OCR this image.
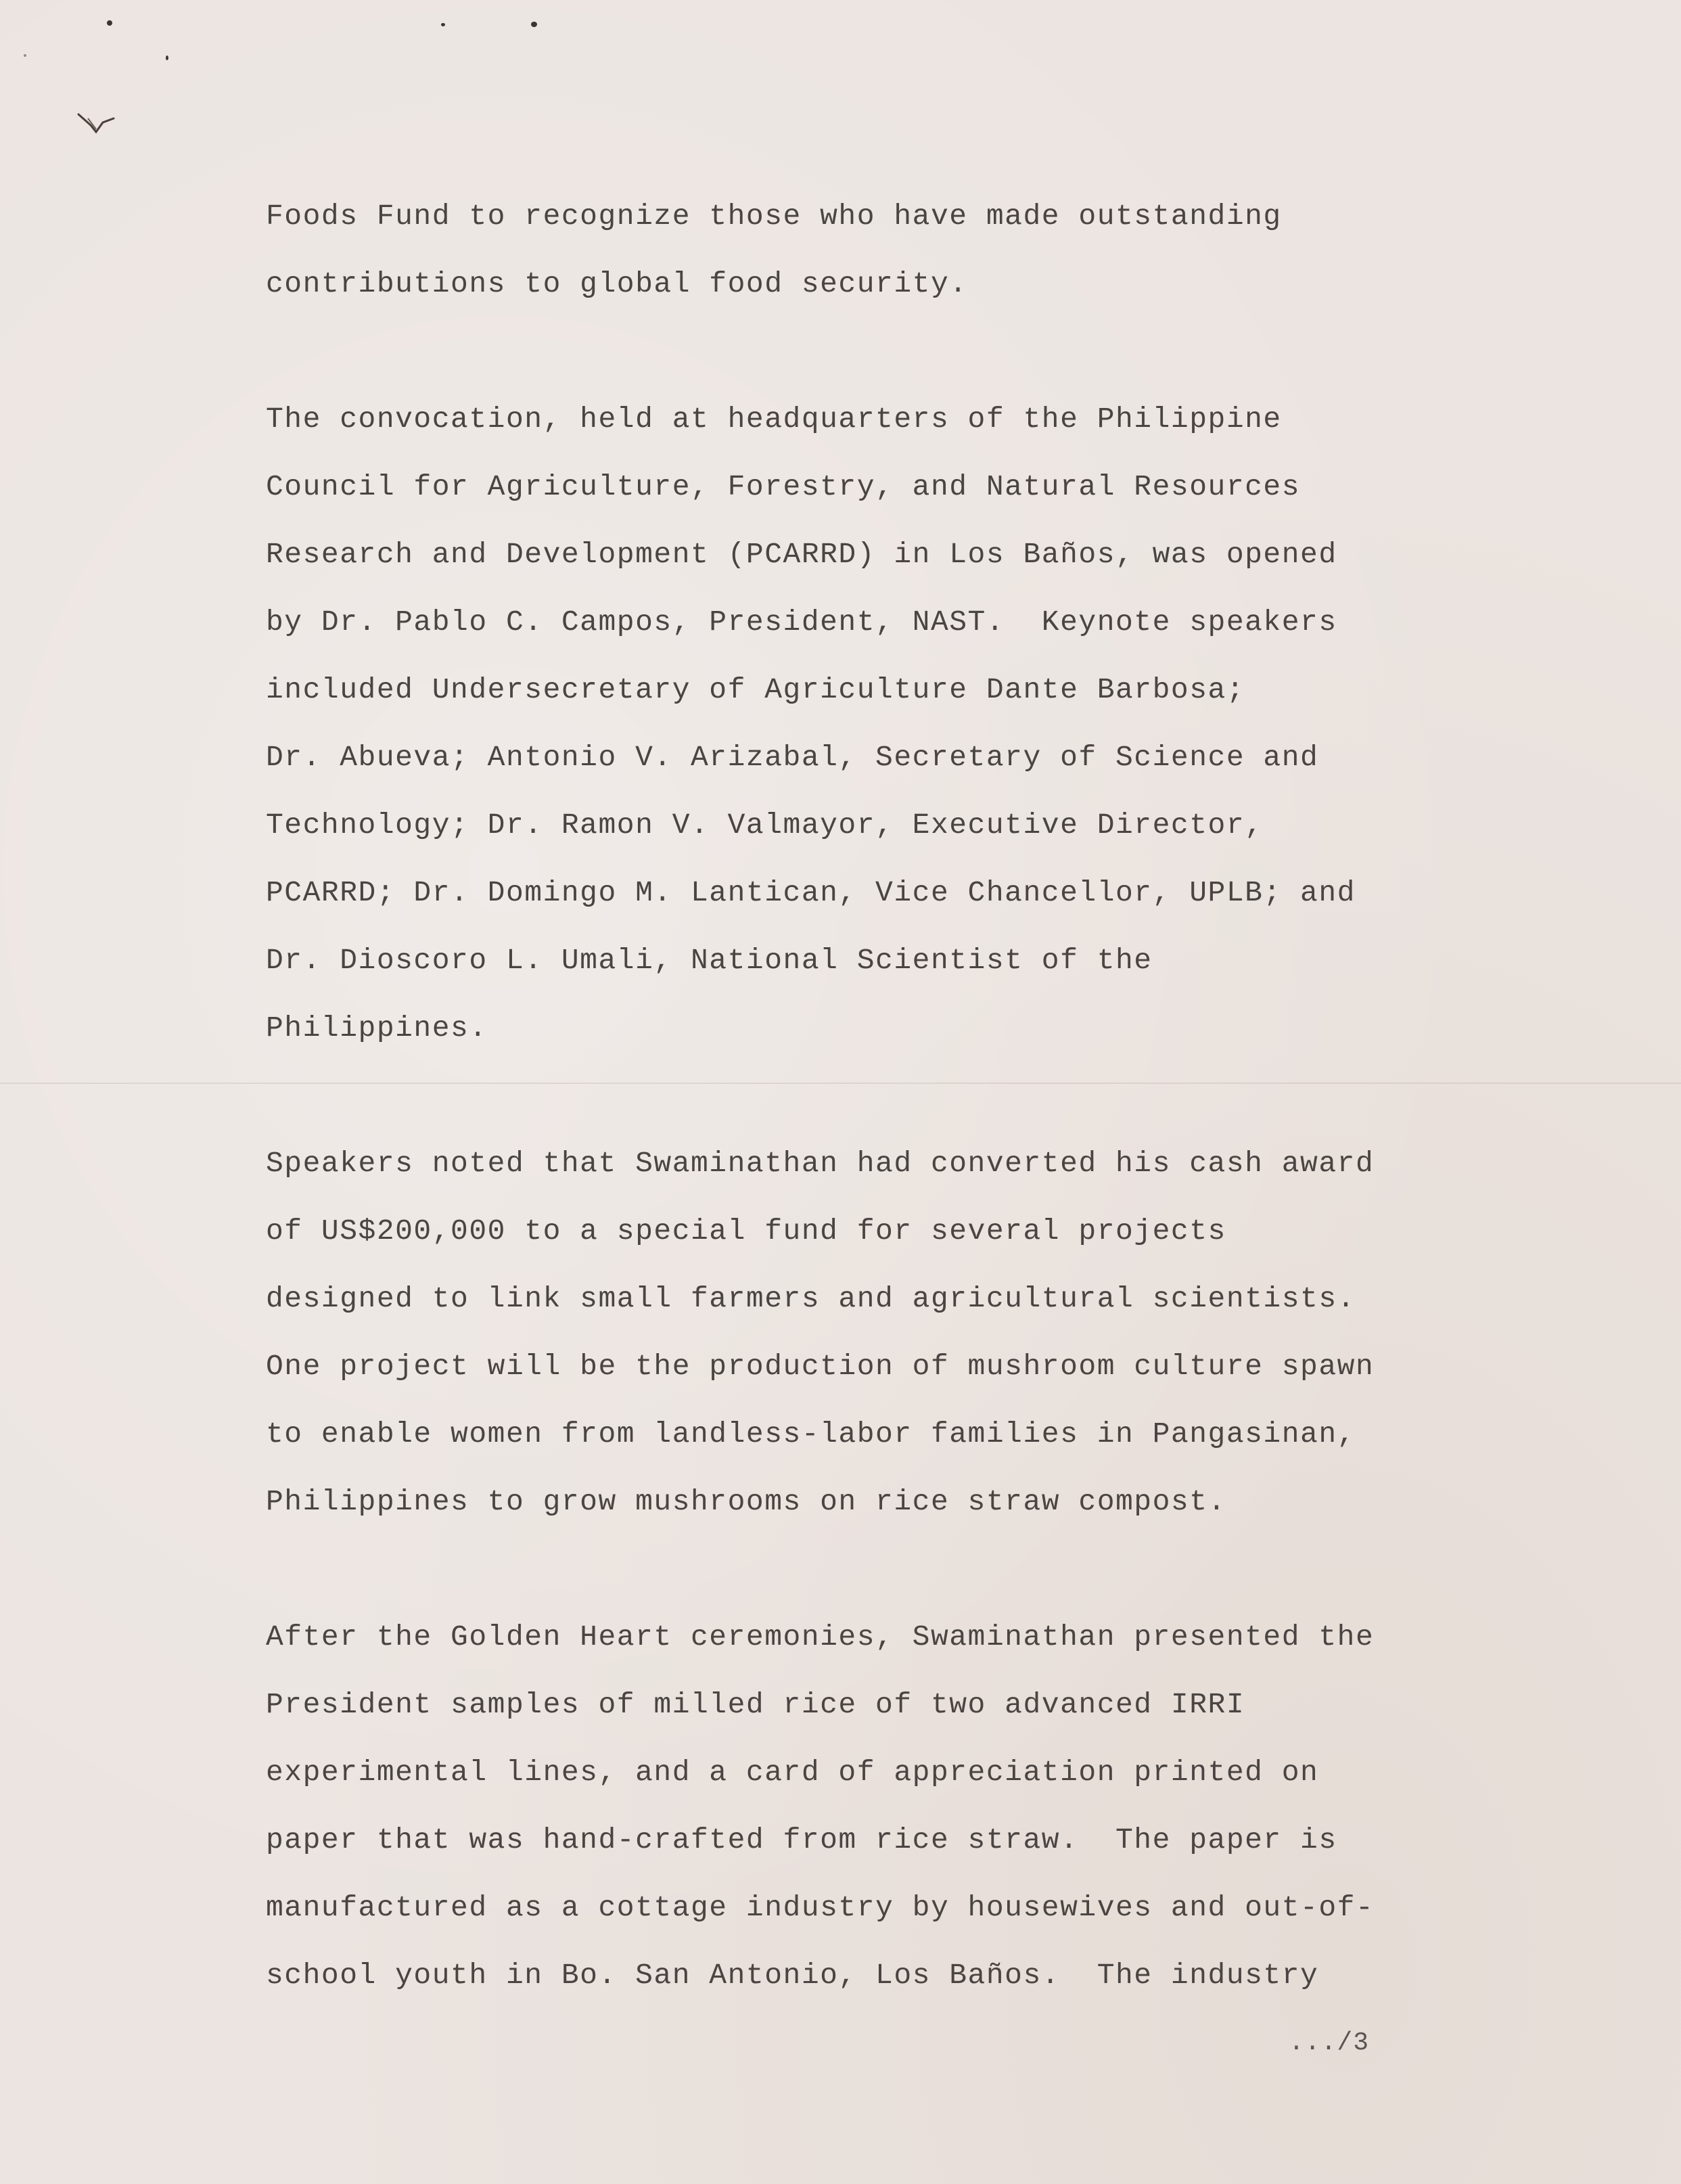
Foods Fund to recognize those who have made outstanding
contributions to global food security.

The convocation, held at headquarters of the Philippine
Council for Agriculture, Forestry, and Natural Resources
Research and Development (PCARRD) in Los Baños, was opened
by Dr. Pablo C. Campos, President, NAST.  Keynote speakers
included Undersecretary of Agriculture Dante Barbosa;
Dr. Abueva; Antonio V. Arizabal, Secretary of Science and
Technology; Dr. Ramon V. Valmayor, Executive Director,
PCARRD; Dr. Domingo M. Lantican, Vice Chancellor, UPLB; and
Dr. Dioscoro L. Umali, National Scientist of the
Philippines.

Speakers noted that Swaminathan had converted his cash award
of US$200,000 to a special fund for several projects
designed to link small farmers and agricultural scientists.
One project will be the production of mushroom culture spawn
to enable women from landless-labor families in Pangasinan,
Philippines to grow mushrooms on rice straw compost.

After the Golden Heart ceremonies, Swaminathan presented the
President samples of milled rice of two advanced IRRI
experimental lines, and a card of appreciation printed on
paper that was hand-crafted from rice straw.  The paper is
manufactured as a cottage industry by housewives and out-of-
school youth in Bo. San Antonio, Los Baños.  The industry

.../3
